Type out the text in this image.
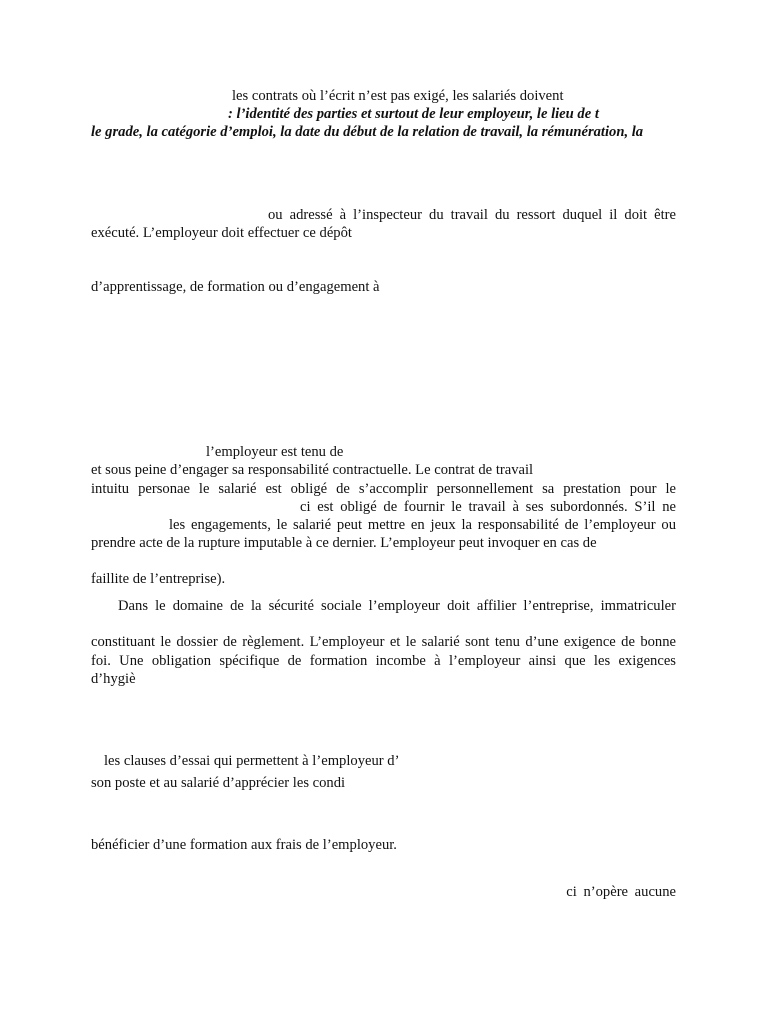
les contrats où l’écrit n’est pas exigé, les salariés doivent
: l’identité des parties et surtout de leur employeur, le lieu de t
le grade, la catégorie d’emploi, la date du début de la relation de travail, la rémunération, la
ou adressé à l’inspecteur du travail du ressort duquel il doit être
exécuté. L’employeur doit effectuer ce dépôt
d’apprentissage, de formation ou d’engagement à
l’employeur est tenu de
et sous peine d’engager sa responsabilité contractuelle. Le contrat de travail
intuitu personae le salarié est obligé de s’accomplir personnellement sa prestation pour le
ci est obligé de fournir le travail à ses subordonnés. S’il ne
les engagements, le salarié peut mettre en jeux la responsabilité de l’employeur ou
prendre acte de la rupture imputable à ce dernier. L’employeur peut invoquer en cas de
faillite de l’entreprise).
Dans le domaine de la sécurité sociale l’employeur doit affilier l’entreprise, immatriculer
constituant le dossier de règlement. L’employeur et le salarié sont tenu d’une exigence de bonne
foi. Une obligation spécifique de formation incombe à l’employeur ainsi que les exigences
d’hygiè
les clauses d’essai qui permettent à l’employeur d’
son poste et au salarié d’apprécier les condi
bénéficier d’une formation aux frais de l’employeur.
ci n’opère aucune
